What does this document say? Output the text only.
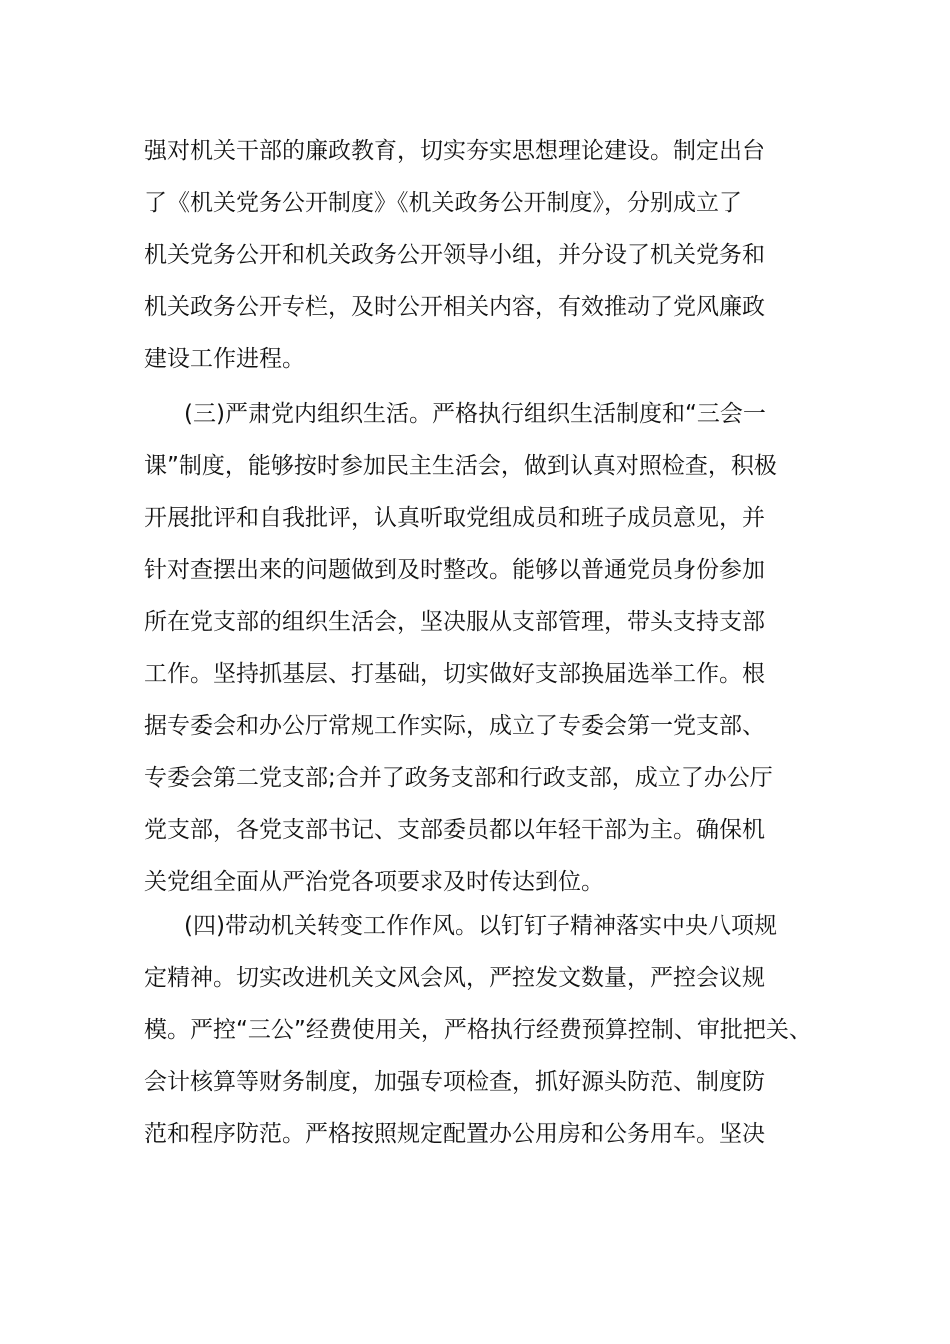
强对机关干部的廉政教育，切实夯实思想理论建设。制定出台
了《机关党务公开制度》《机关政务公开制度》，分别成立了
机关党务公开和机关政务公开领导小组，并分设了机关党务和
机关政务公开专栏，及时公开相关内容，有效推动了党风廉政
建设工作进程。
(三)严肃党内组织生活。严格执行组织生活制度和“三会一
课”制度，能够按时参加民主生活会，做到认真对照检查，积极
开展批评和自我批评，认真听取党组成员和班子成员意见，并
针对查摆出来的问题做到及时整改。能够以普通党员身份参加
所在党支部的组织生活会，坚决服从支部管理，带头支持支部
工作。坚持抓基层、打基础，切实做好支部换届选举工作。根
据专委会和办公厅常规工作实际，成立了专委会第一党支部、
专委会第二党支部;合并了政务支部和行政支部，成立了办公厅
党支部，各党支部书记、支部委员都以年轻干部为主。确保机
关党组全面从严治党各项要求及时传达到位。
(四)带动机关转变工作作风。以钉钉子精神落实中央八项规
定精神。切实改进机关文风会风，严控发文数量，严控会议规
模。严控“三公”经费使用关，严格执行经费预算控制、审批把关、
会计核算等财务制度，加强专项检查，抓好源头防范、制度防
范和程序防范。严格按照规定配置办公用房和公务用车。坚决
